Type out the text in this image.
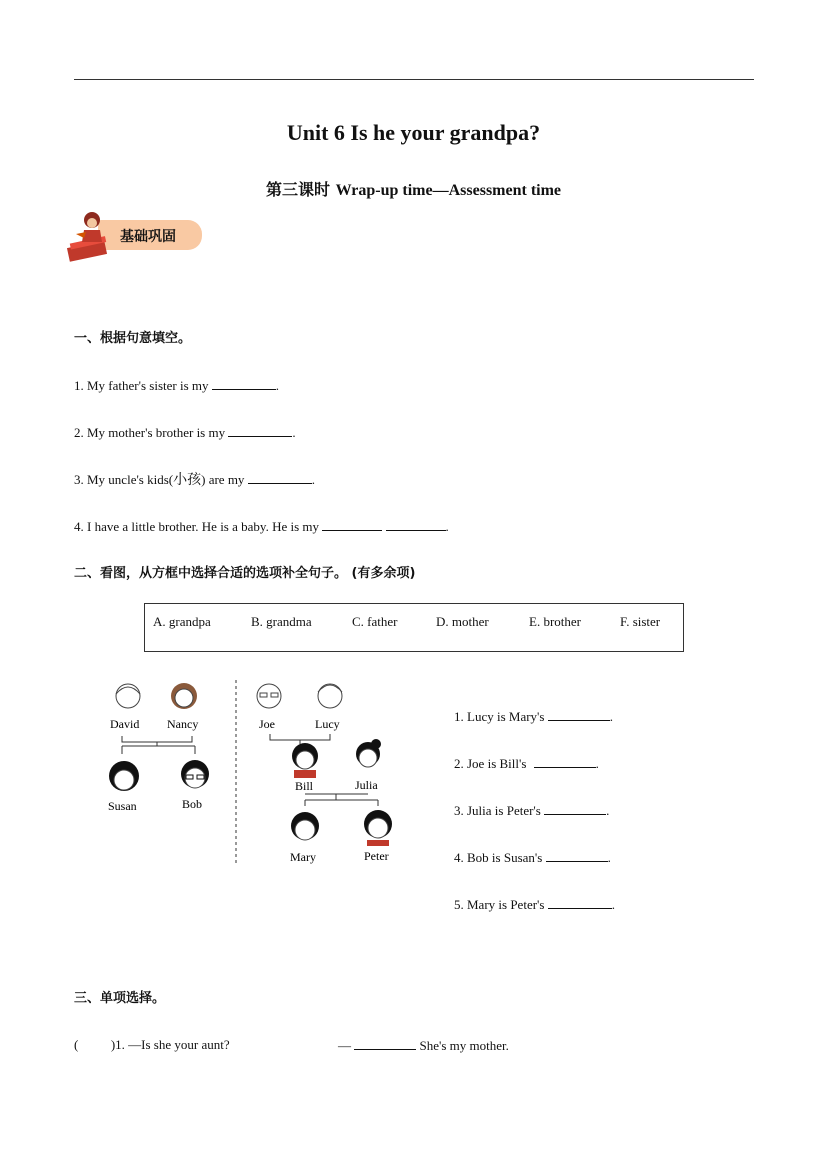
Unit 6 Is he your grandpa?
第三课时 Wrap-up time—Assessment time
基础巩固
一、根据句意填空。
1. My father's sister is my	.
2. My mother's brother is my	.
3. My uncle's kids(小孩) are my	.
4. I have a little brother. He is a baby. He is my	.
二、看图，从方框中选择合适的选项补全句子。 (有多余项)
A. grandpa	B. grandma	C. father	D. mother	E. brother	F. sister
David Nancy
Susan	Bob
Joe	Lucy
Bill	Julia
Mary	Peter
1. Lucy is Mary's	.
2. Joe is Bill's	.
3. Julia is Peter's	.
4. Bob is Susan's	.
5. Mary is Peter's	.
三、单项选择。
(          )1. —Is she your aunt?	—	She's my mother.
